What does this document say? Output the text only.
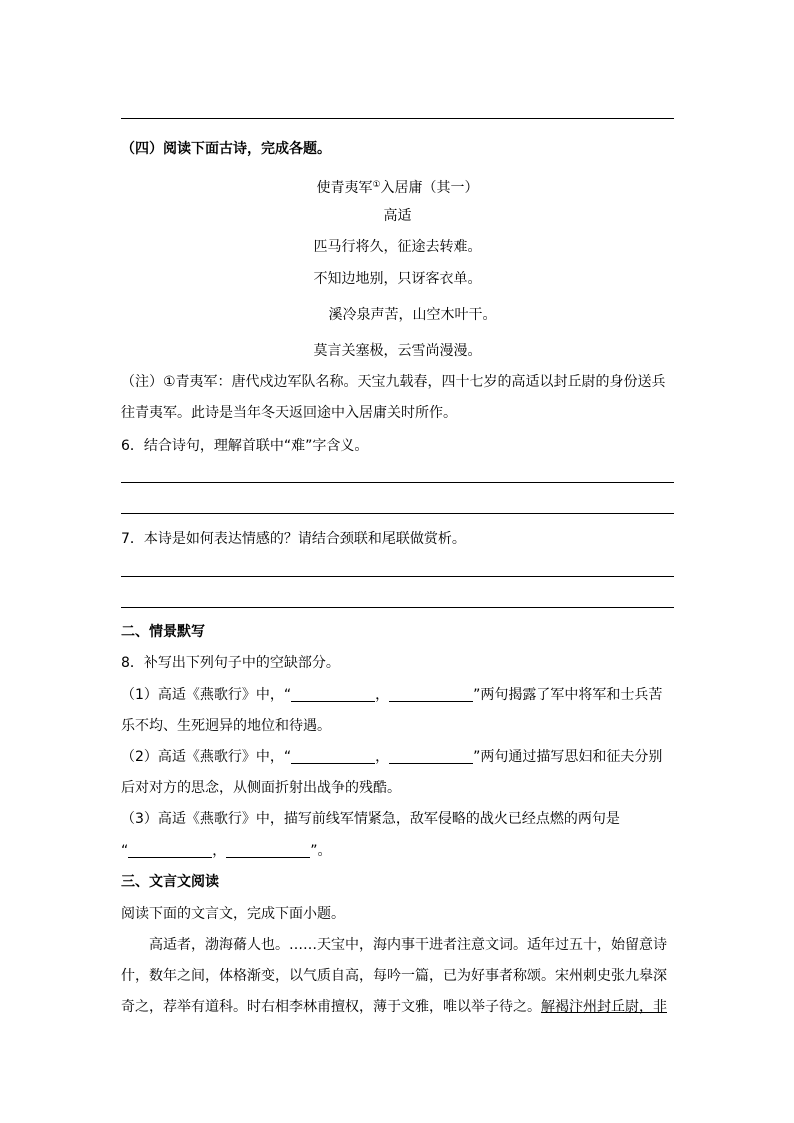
（四）阅读下面古诗，完成各题。
使青夷军①入居庸（其一）
高适
匹马行将久，征途去转难。
不知边地别，只讶客衣单。
溪冷泉声苦，山空木叶干。
莫言关塞极，云雪尚漫漫。
（注）①青夷军：唐代戍边军队名称。天宝九载春，四十七岁的高适以封丘尉的身份送兵
往青夷军。此诗是当年冬天返回途中入居庸关时所作。
6．结合诗句，理解首联中“难”字含义。
7．本诗是如何表达情感的？请结合颈联和尾联做赏析。
二、情景默写
8．补写出下列句子中的空缺部分。
（1）高适《燕歌行》中，“	，	”两句揭露了军中将军和士兵苦
乐不均、生死迥异的地位和待遇。
（2）高适《燕歌行》中，“	，	”两句通过描写思妇和征夫分别
后对对方的思念，从侧面折射出战争的残酷。
（3）高适《燕歌行》中，描写前线军情紧急，敌军侵略的战火已经点燃的两句是
“	，	”。
三、文言文阅读
阅读下面的文言文，完成下面小题。
高适者，渤海蓨人也。……天宝中，海内事干进者注意文词。适年过五十，始留意诗
什，数年之间，体格渐变，以气质自高，每吟一篇，已为好事者称颂。宋州刺史张九皋深
奇之，荐举有道科。时右相李林甫擅权，薄于文雅，唯以举子待之。解褐汴州封丘尉，非
